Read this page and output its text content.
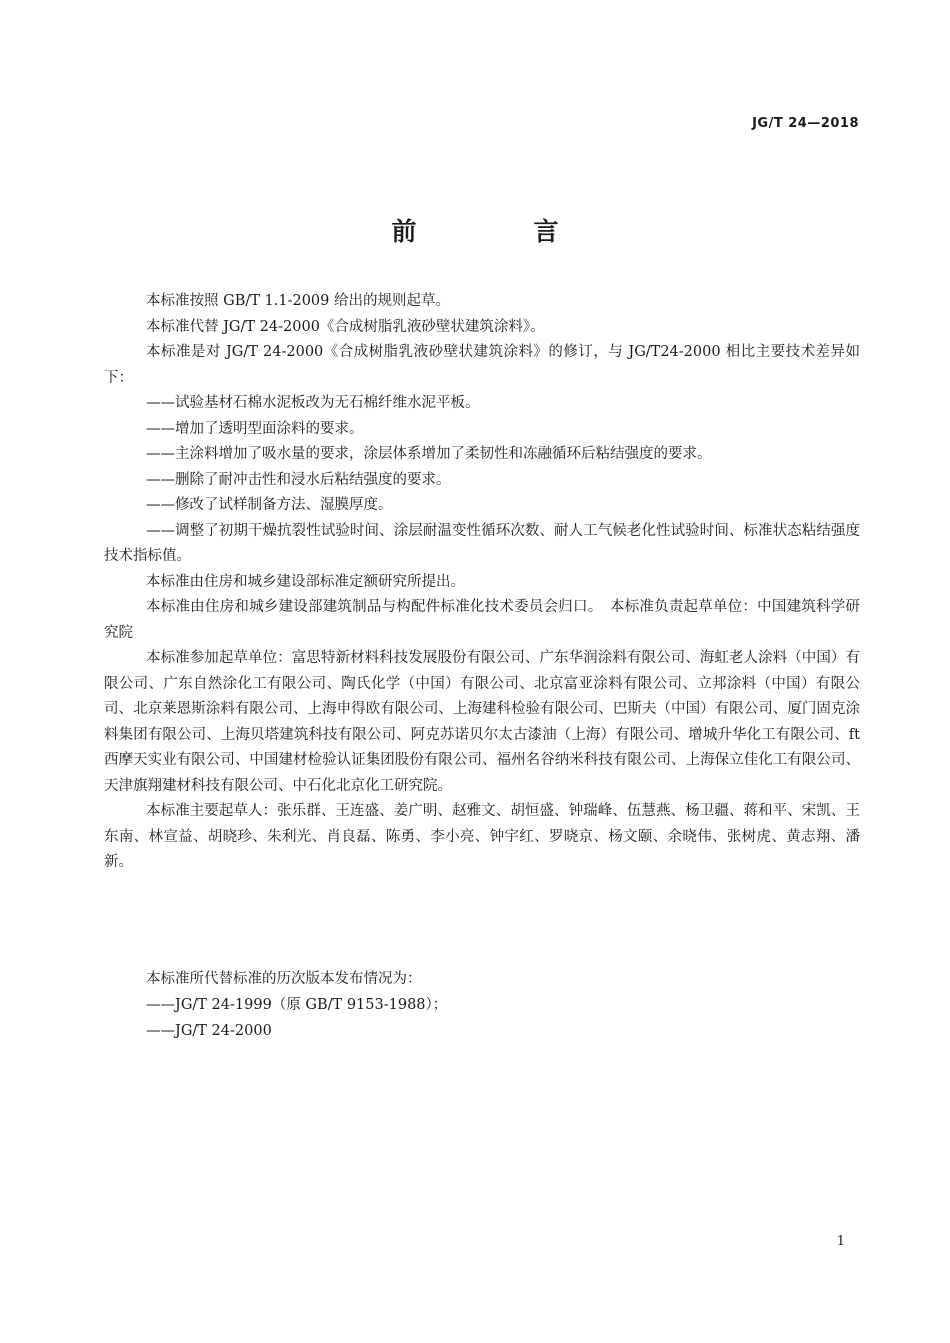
JG/T 24—2018
前　言

本标准按照 GB/T 1.1-2009 给出的规则起草。

本标准代替 JG/T 24-2000《合成树脂乳液砂壁状建筑涂料》。

本标准是对 JG/T 24-2000《合成树脂乳液砂壁状建筑涂料》的修订，与 JG/T24-2000 相比主要技术差异如下：

——试验基材石棉水泥板改为无石棉纤维水泥平板。

——增加了透明型面涂料的要求。

——主涂料增加了吸水量的要求，涂层体系增加了柔韧性和冻融循环后粘结强度的要求。

——删除了耐冲击性和浸水后粘结强度的要求。

——修改了试样制备方法、湿膜厚度。

——调整了初期干燥抗裂性试验时间、涂层耐温变性循环次数、耐人工气候老化性试验时间、标准状态粘结强度技术指标值。

本标准由住房和城乡建设部标准定额研究所提出。

本标准由住房和城乡建设部建筑制品与构配件标准化技术委员会归口。　本标准负责起草单位：中国建筑科学研究院

本标准参加起草单位：富思特新材料科技发展股份有限公司、广东华润涂料有限公司、海虹老人涂料（中国）有限公司、广东自然涂化工有限公司、陶氏化学（中国）有限公司、北京富亚涂料有限公司、立邦涂料（中国）有限公司、北京莱恩斯涂料有限公司、上海申得欧有限公司、上海建科检验有限公司、巴斯夫（中国）有限公司、厦门固克涂料集团有限公司、上海贝塔建筑科技有限公司、阿克苏诺贝尔太古漆油（上海）有限公司、增城升华化工有限公司、ft西摩天实业有限公司、中国建材检验认证集团股份有限公司、福州名谷纳米科技有限公司、上海保立佳化工有限公司、天津旗翔建材科技有限公司、中石化北京化工研究院。

本标准主要起草人：张乐群、王连盛、姜广明、赵雅文、胡恒盛、钟瑞峰、伍慧燕、杨卫疆、蒋和平、宋凯、王东南、林宣益、胡晓珍、朱利光、肖良磊、陈勇、李小亮、钟宇红、罗晓京、杨文颐、余晓伟、张树虎、黄志翔、潘新。

本标准所代替标准的历次版本发布情况为：

——JG/T 24-1999（原 GB/T 9153-1988）；

——JG/T 24-2000

1
